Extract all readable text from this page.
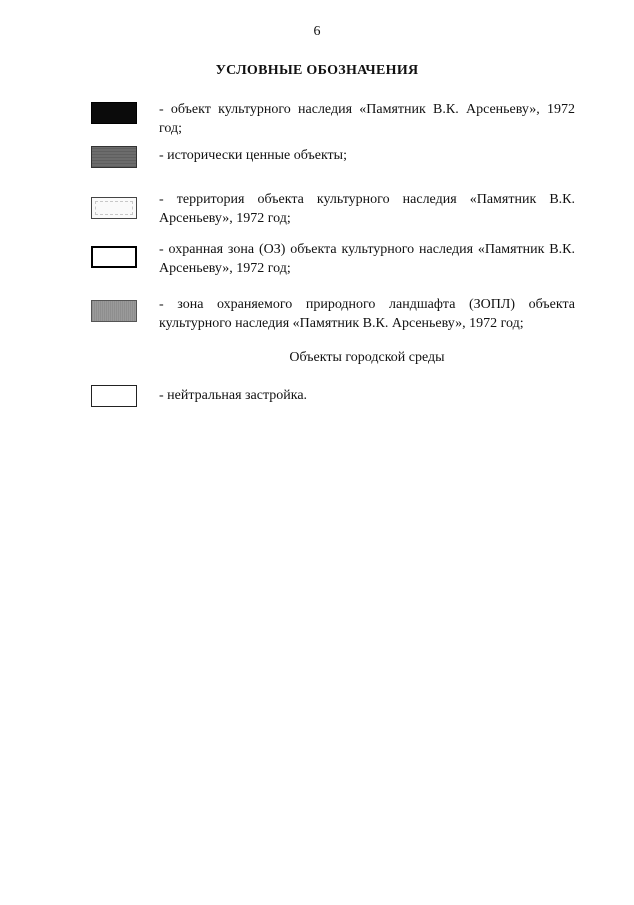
6
УСЛОВНЫЕ ОБОЗНАЧЕНИЯ
- объект культурного наследия «Памятник В.К. Арсеньеву», 1972 год;
- исторически ценные объекты;
- территория объекта культурного наследия «Памятник В.К. Арсеньеву», 1972 год;
- охранная зона (ОЗ) объекта культурного наследия «Памятник В.К. Арсеньеву», 1972 год;
- зона охраняемого природного ландшафта (ЗОПЛ) объекта культурного наследия «Памятник В.К. Арсеньеву», 1972 год;
Объекты городской среды
- нейтральная застройка.
